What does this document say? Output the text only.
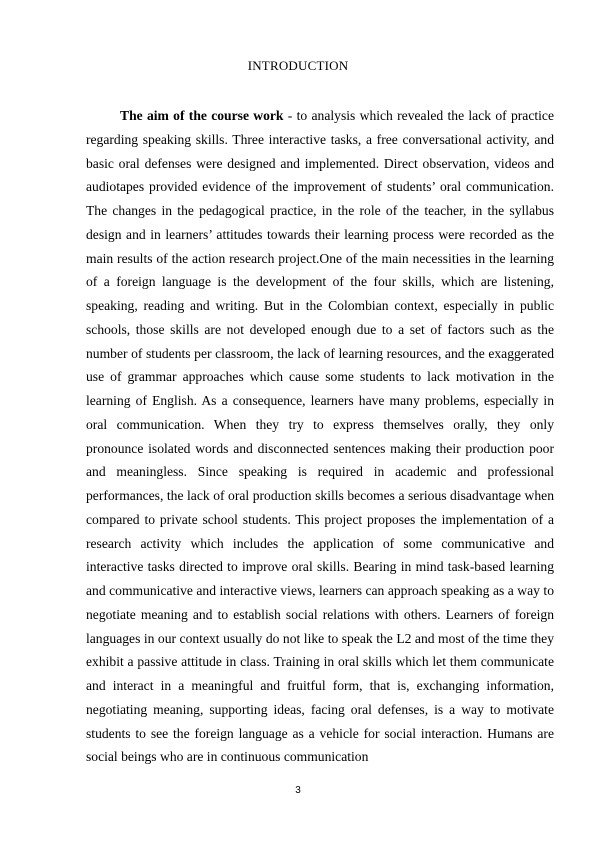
INTRODUCTION

The aim of the course work - to analysis which revealed the lack of practice regarding speaking skills. Three interactive tasks, a free conversational activity, and basic oral defenses were designed and implemented. Direct observation, videos and audiotapes provided evidence of the improvement of students’ oral communication. The changes in the pedagogical practice, in the role of the teacher, in the syllabus design and in learners’ attitudes towards their learning process were recorded as the main results of the action research project.One of the main necessities in the learning of a foreign language is the development of the four skills, which are listening, speaking, reading and writing. But in the Colombian context, especially in public schools, those skills are not developed enough due to a set of factors such as the number of students per classroom, the lack of learning resources, and the exaggerated use of grammar approaches which cause some students to lack motivation in the learning of English. As a consequence, learners have many problems, especially in oral communication. When they try to express themselves orally, they only pronounce isolated words and disconnected sentences making their production poor and meaningless. Since speaking is required in academic and professional performances, the lack of oral production skills becomes a serious disadvantage when compared to private school students. This project proposes the implementation of a research activity which includes the application of some communicative and interactive tasks directed to improve oral skills. Bearing in mind task-based learning and communicative and interactive views, learners can approach speaking as a way to negotiate meaning and to establish social relations with others. Learners of foreign languages in our context usually do not like to speak the L2 and most of the time they exhibit a passive attitude in class. Training in oral skills which let them communicate and interact in a meaningful and fruitful form, that is, exchanging information, negotiating meaning, supporting ideas, facing oral defenses, is a way to motivate students to see the foreign language as a vehicle for social interaction. Humans are social beings who are in continuous communication

3
